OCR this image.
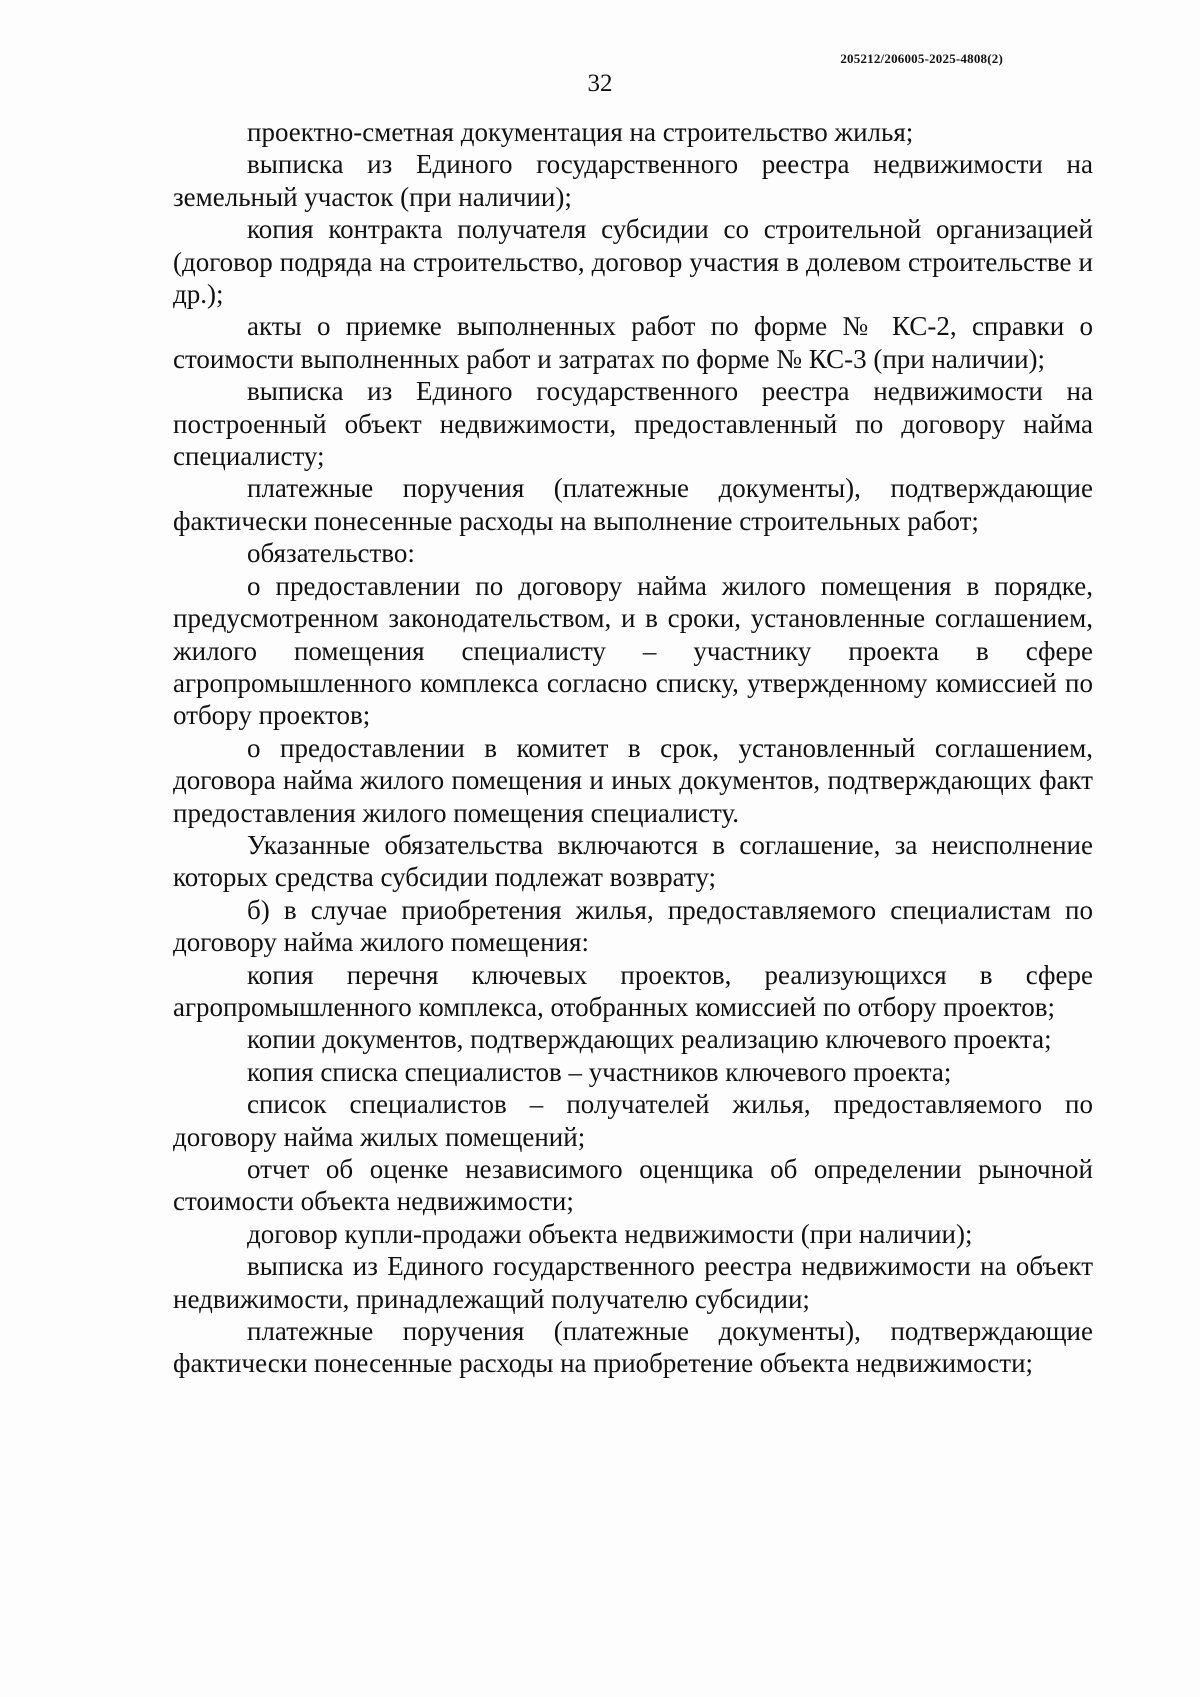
205212/206005-2025-4808(2)
32

проектно-сметная документация на строительство жилья;

выписка из Единого государственного реестра недвижимости на земельный участок (при наличии);

копия контракта получателя субсидии со строительной организацией (договор подряда на строительство, договор участия в долевом строительстве и др.);

акты о приемке выполненных работ по форме № КС-2, справки о стоимости выполненных работ и затратах по форме № КС-3 (при наличии);

выписка из Единого государственного реестра недвижимости на построенный объект недвижимости, предоставленный по договору найма специалисту;

платежные поручения (платежные документы), подтверждающие фактически понесенные расходы на выполнение строительных работ;

обязательство:

о предоставлении по договору найма жилого помещения в порядке, предусмотренном законодательством, и в сроки, установленные соглашением, жилого помещения специалисту – участнику проекта в сфере агропромышленного комплекса согласно списку, утвержденному комиссией по отбору проектов;

о предоставлении в комитет в срок, установленный соглашением, договора найма жилого помещения и иных документов, подтверждающих факт предоставления жилого помещения специалисту.

Указанные обязательства включаются в соглашение, за неисполнение которых средства субсидии подлежат возврату;

б) в случае приобретения жилья, предоставляемого специалистам по договору найма жилого помещения:

копия перечня ключевых проектов, реализующихся в сфере агропромышленного комплекса, отобранных комиссией по отбору проектов;

копии документов, подтверждающих реализацию ключевого проекта;

копия списка специалистов – участников ключевого проекта;

список специалистов – получателей жилья, предоставляемого по договору найма жилых помещений;

отчет об оценке независимого оценщика об определении рыночной стоимости объекта недвижимости;

договор купли-продажи объекта недвижимости (при наличии);

выписка из Единого государственного реестра недвижимости на объект недвижимости, принадлежащий получателю субсидии;

платежные поручения (платежные документы), подтверждающие фактически понесенные расходы на приобретение объекта недвижимости;
